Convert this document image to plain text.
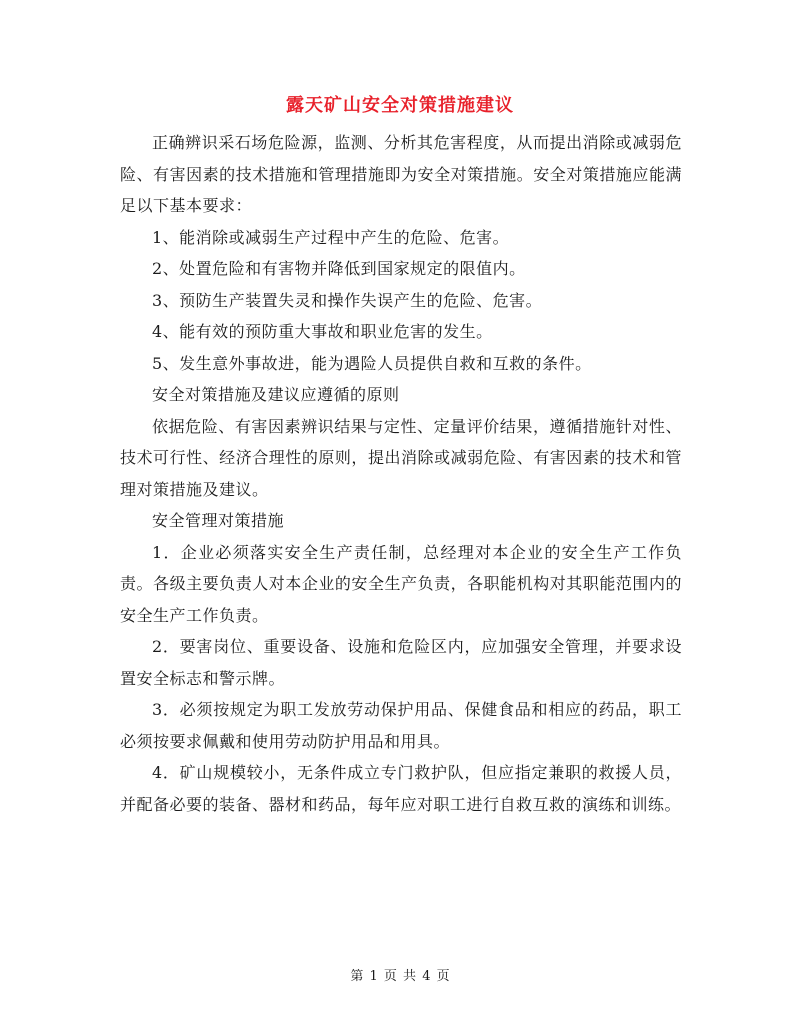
露天矿山安全对策措施建议

正确辨识采石场危险源，监测、分析其危害程度，从而提出消除或减弱危险、有害因素的技术措施和管理措施即为安全对策措施。安全对策措施应能满足以下基本要求：

1、能消除或减弱生产过程中产生的危险、危害。

2、处置危险和有害物并降低到国家规定的限值内。

3、预防生产装置失灵和操作失误产生的危险、危害。

4、能有效的预防重大事故和职业危害的发生。

5、发生意外事故进，能为遇险人员提供自救和互救的条件。

安全对策措施及建议应遵循的原则

依据危险、有害因素辨识结果与定性、定量评价结果，遵循措施针对性、技术可行性、经济合理性的原则，提出消除或减弱危险、有害因素的技术和管理对策措施及建议。

安全管理对策措施

1．企业必须落实安全生产责任制，总经理对本企业的安全生产工作负责。各级主要负责人对本企业的安全生产负责，各职能机构对其职能范围内的安全生产工作负责。

2．要害岗位、重要设备、设施和危险区内，应加强安全管理，并要求设置安全标志和警示牌。

3．必须按规定为职工发放劳动保护用品、保健食品和相应的药品，职工必须按要求佩戴和使用劳动防护用品和用具。

4．矿山规模较小，无条件成立专门救护队，但应指定兼职的救援人员，并配备必要的装备、器材和药品，每年应对职工进行自救互救的演练和训练。

第 1 页 共 4 页
